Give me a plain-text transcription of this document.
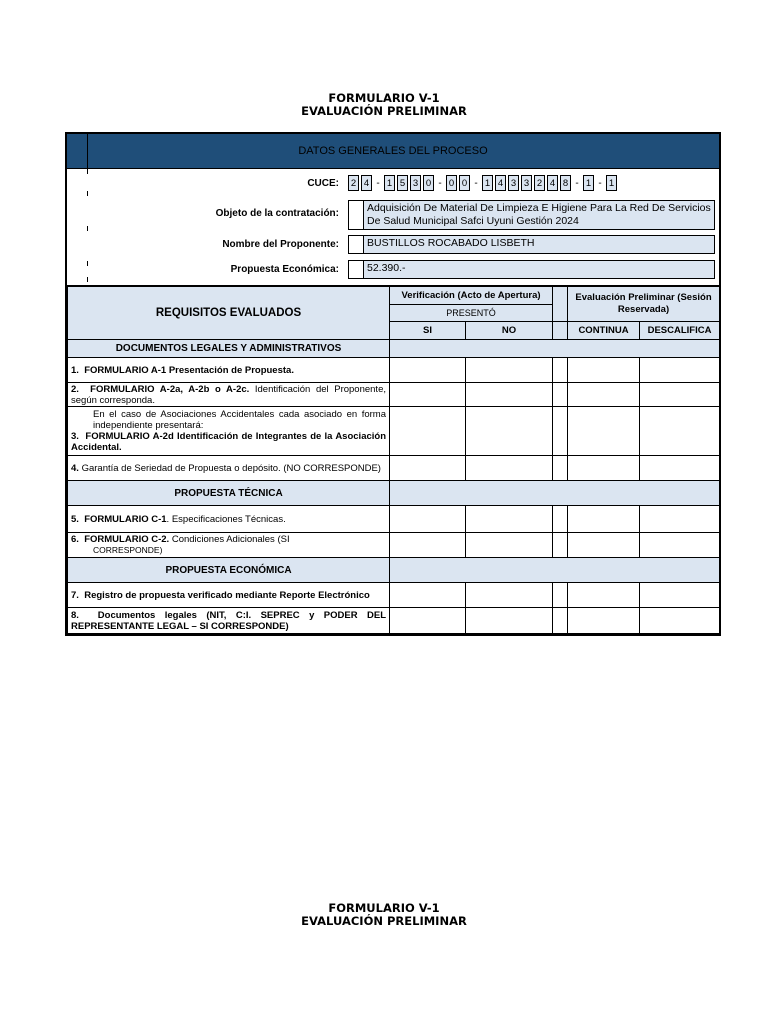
FORMULARIO V-1
EVALUACIÓN PRELIMINAR
DATOS GENERALES DEL PROCESO
CUCE: 2 4 - 1 5 3 0 - 0 0 - 1 4 3 3 2 4 8 - 1 - 1
Objeto de la contratación:	Adquisición De Material De Limpieza E Higiene Para La Red De Servicios De Salud Municipal Safci Uyuni Gestión 2024
Nombre del Proponente:	BUSTILLOS ROCABADO LISBETH
Propuesta Económica:	52.390.-
REQUISITOS EVALUADOS	Verificación (Acto de Apertura)			Evaluación Preliminar (Sesión Reservada)	
	PRESENTÓ				
	SI	NO		CONTINUA	DESCALIFICA
DOCUMENTOS LEGALES Y ADMINISTRATIVOS					
1. FORMULARIO A-1 Presentación de Propuesta.					
2. FORMULARIO A-2a, A-2b o A-2c. Identificación del Proponente, según corresponda.					

En el caso de Asociaciones Accidentales cada asociado en forma independiente presentará:
3. FORMULARIO A-2d Identificación de Integrantes de la Asociación Accidental.					
4. Garantía de Seriedad de Propuesta o depósito. (NO CORRESPONDE)					
PROPUESTA TÉCNICA					
5. FORMULARIO C-1. Especificaciones Técnicas.					
6. FORMULARIO C-2. Condiciones Adicionales (SI
CORRESPONDE)					

PROPUESTA ECONÓMICA					
7. Registro de propuesta verificado mediante Reporte Electrónico					
8. Documentos legales (NIT, C:I. SEPREC y PODER DEL REPRESENTANTE LEGAL – SI CORRESPONDE)					
FORMULARIO V-1
EVALUACIÓN PRELIMINAR
